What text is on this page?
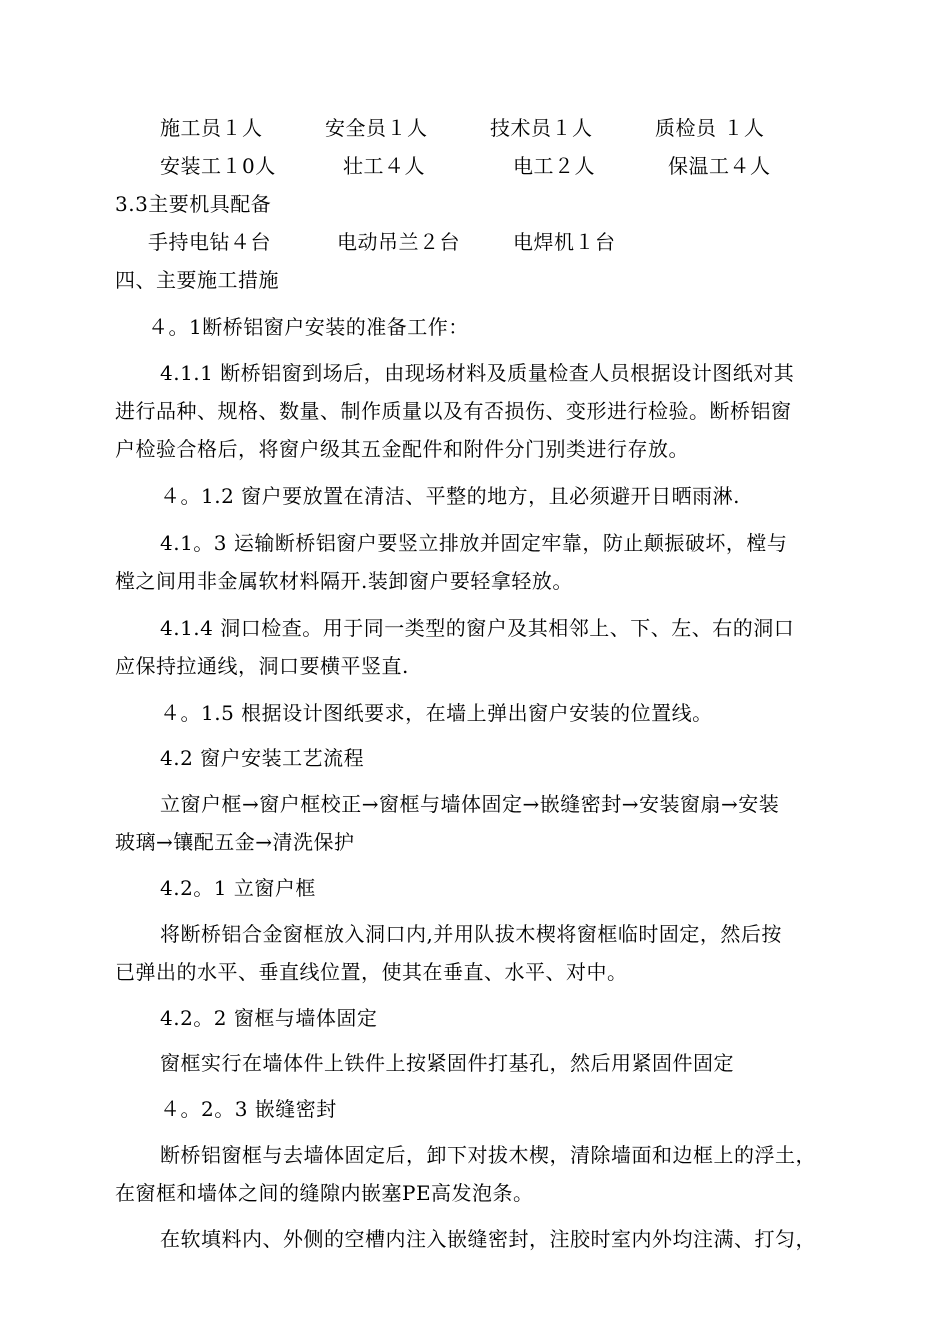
施工员１人	安全员１人	技术员１人	质检员 １人
安装工１0人	壮工４人	电工２人	保温工４人
3.3主要机具配备
手持电钻４台	电动吊兰２台	电焊机１台
四、主要施工措施
４。1断桥铝窗户安装的准备工作：
4.1.1 断桥铝窗到场后，由现场材料及质量检查人员根据设计图纸对其
进行品种、规格、数量、制作质量以及有否损伤、变形进行检验。断桥铝窗
户检验合格后，将窗户级其五金配件和附件分门别类进行存放。
４。1.2 窗户要放置在清洁、平整的地方，且必须避开日晒雨淋.
4.1。3 运输断桥铝窗户要竖立排放并固定牢靠，防止颠振破坏，樘与
樘之间用非金属软材料隔开.装卸窗户要轻拿轻放。
4.1.4 洞口检查。用于同一类型的窗户及其相邻上、下、左、右的洞口
应保持拉通线，洞口要横平竖直.
４。1.5 根据设计图纸要求，在墙上弹出窗户安装的位置线。
4.2 窗户安装工艺流程
立窗户框→窗户框校正→窗框与墙体固定→嵌缝密封→安装窗扇→安装
玻璃→镶配五金→清洗保护
4.2。1 立窗户框
将断桥铝合金窗框放入洞口内,并用队拔木楔将窗框临时固定，然后按
已弹出的水平、垂直线位置，使其在垂直、水平、对中。
4.2。2 窗框与墙体固定
窗框实行在墙体件上铁件上按紧固件打基孔，然后用紧固件固定
４。2。3 嵌缝密封
断桥铝窗框与去墙体固定后，卸下对拔木楔，清除墙面和边框上的浮土，
在窗框和墙体之间的缝隙内嵌塞PE高发泡条。
在软填料内、外侧的空槽内注入嵌缝密封，注胶时室内外均注满、打匀，
